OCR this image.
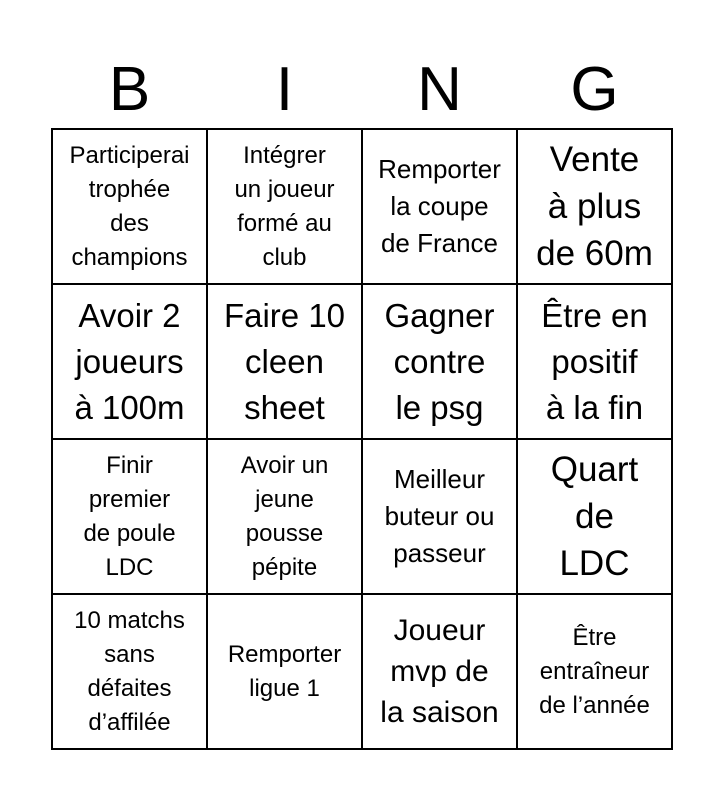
B	I	N	G
Participerai
trophée
des
champions
Intégrer
un joueur
formé au
club
Remporter
la coupe
de France
Vente
à plus
de 60m
Avoir 2
joueurs
à 100m
Faire 10
cleen
sheet
Gagner
contre
le psg
Être en
positif
à la fin
Finir
premier
de poule
LDC
Avoir un
jeune
pousse
pépite
Meilleur
buteur ou
passeur
Quart
de
LDC
10 matchs
sans
défaites
d’affilée
Remporter
ligue 1
Joueur
mvp de
la saison
Être
entraîneur
de l’année
